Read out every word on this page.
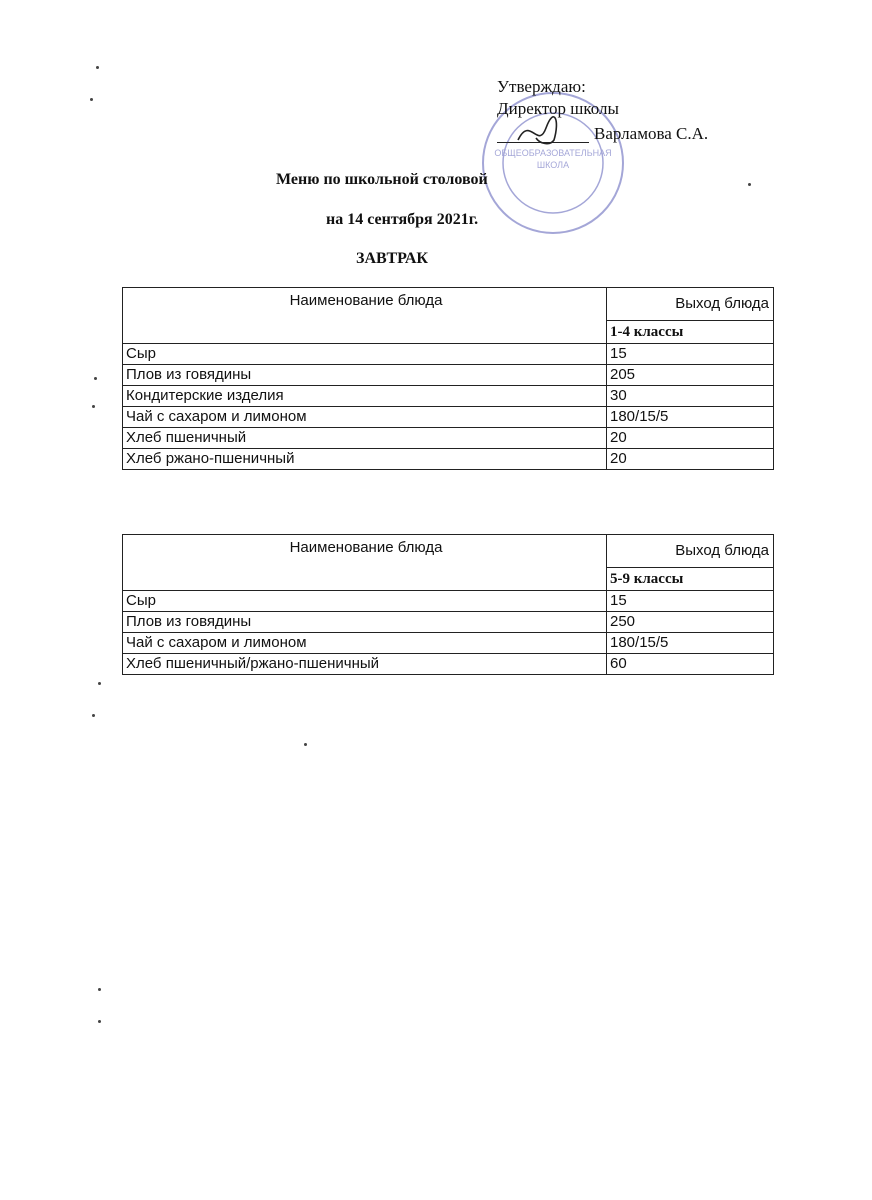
ОБЩЕОБРАЗОВАТЕЛЬНАЯ
ШКОЛА
Утверждаю:
Директор школы
Варламова С.А.
Меню по школьной столовой
на 14 сентября 2021г.
ЗАВТРАК
Наименование блюда	Выход блюда
	1-4 классы
Сыр	15
Плов из говядины	205
Кондитерские изделия	30
Чай с сахаром и лимоном	180/15/5
Хлеб пшеничный	20
Хлеб ржано-пшеничный	20
Наименование блюда	Выход блюда
	5-9 классы
Сыр	15
Плов из говядины	250
Чай с сахаром и лимоном	180/15/5
Хлеб пшеничный/ржано-пшеничный	60
